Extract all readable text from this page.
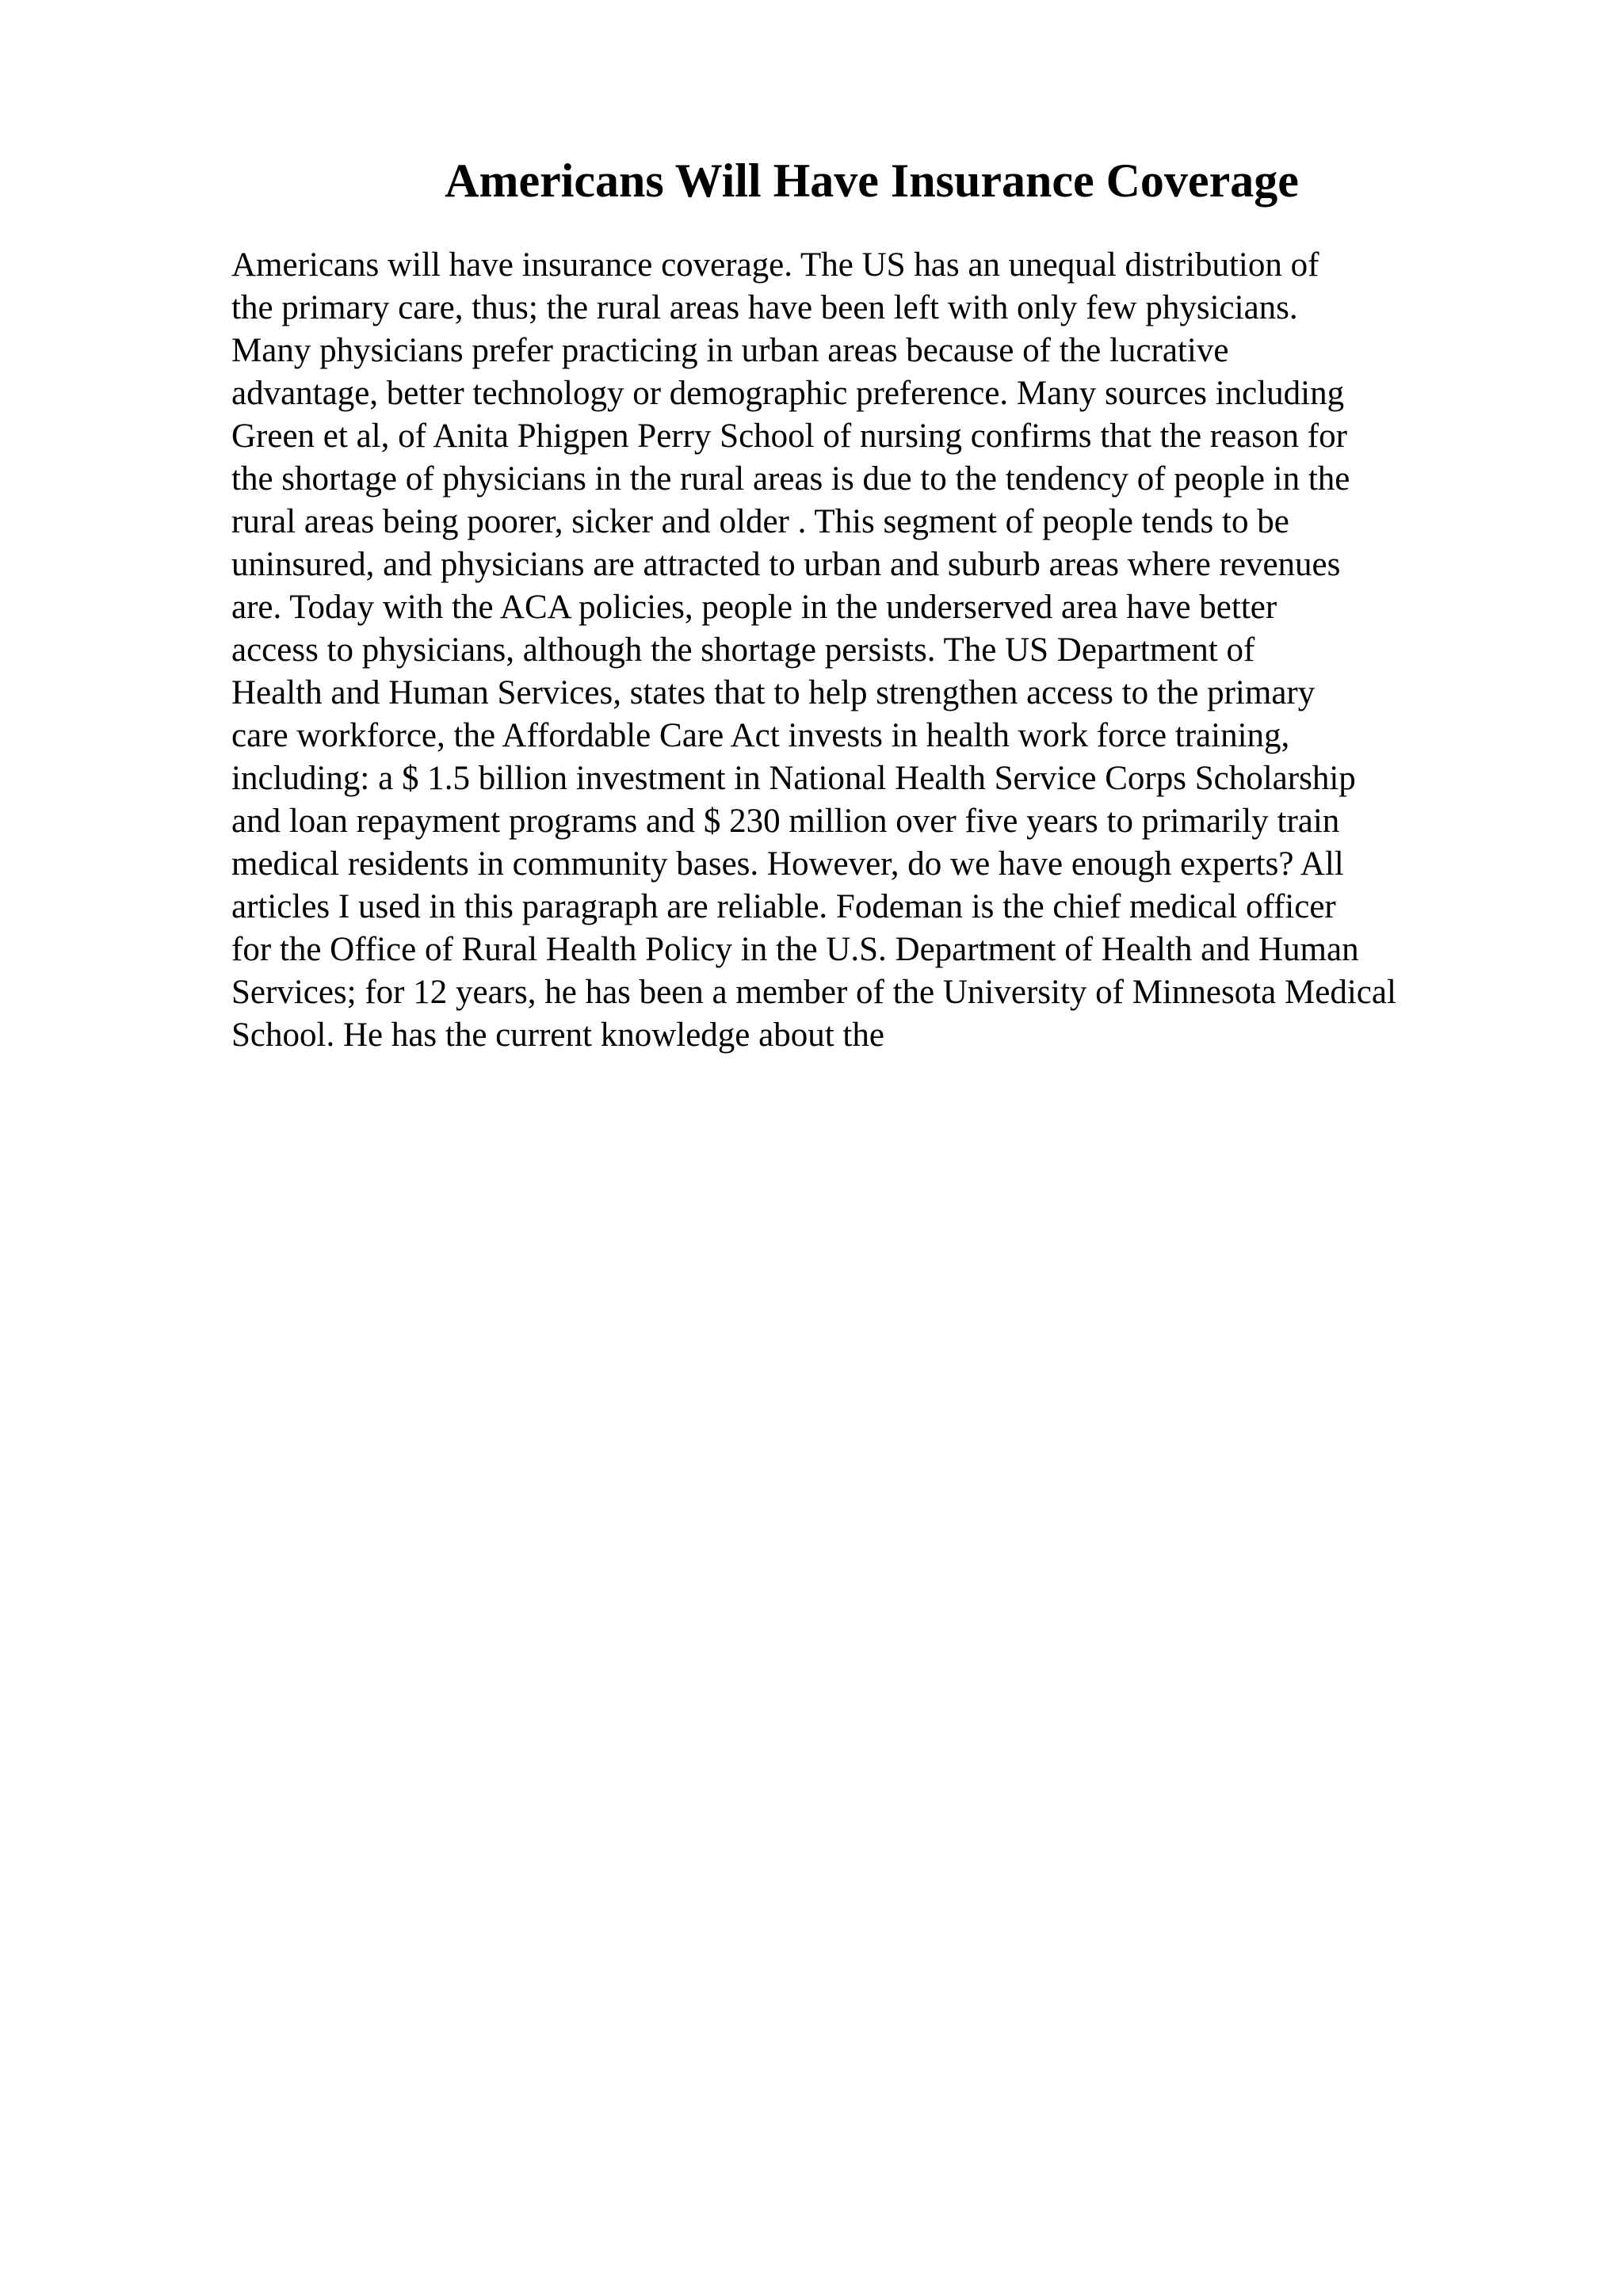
Americans Will Have Insurance Coverage
Americans will have insurance coverage. The US has an unequal distribution of
the primary care, thus; the rural areas have been left with only few physicians.
Many physicians prefer practicing in urban areas because of the lucrative
advantage, better technology or demographic preference. Many sources including
Green et al, of Anita Phigpen Perry School of nursing confirms that the reason for
the shortage of physicians in the rural areas is due to the tendency of people in the
rural areas being poorer, sicker and older . This segment of people tends to be
uninsured, and physicians are attracted to urban and suburb areas where revenues
are. Today with the ACA policies, people in the underserved area have better
access to physicians, although the shortage persists. The US Department of
Health and Human Services, states that to help strengthen access to the primary
care workforce, the Affordable Care Act invests in health work force training,
including: a $ 1.5 billion investment in National Health Service Corps Scholarship
and loan repayment programs and $ 230 million over five years to primarily train
medical residents in community bases. However, do we have enough experts? All
articles I used in this paragraph are reliable. Fodeman is the chief medical officer
for the Office of Rural Health Policy in the U.S. Department of Health and Human
Services; for 12 years, he has been a member of the University of Minnesota Medical
School. He has the current knowledge about the
